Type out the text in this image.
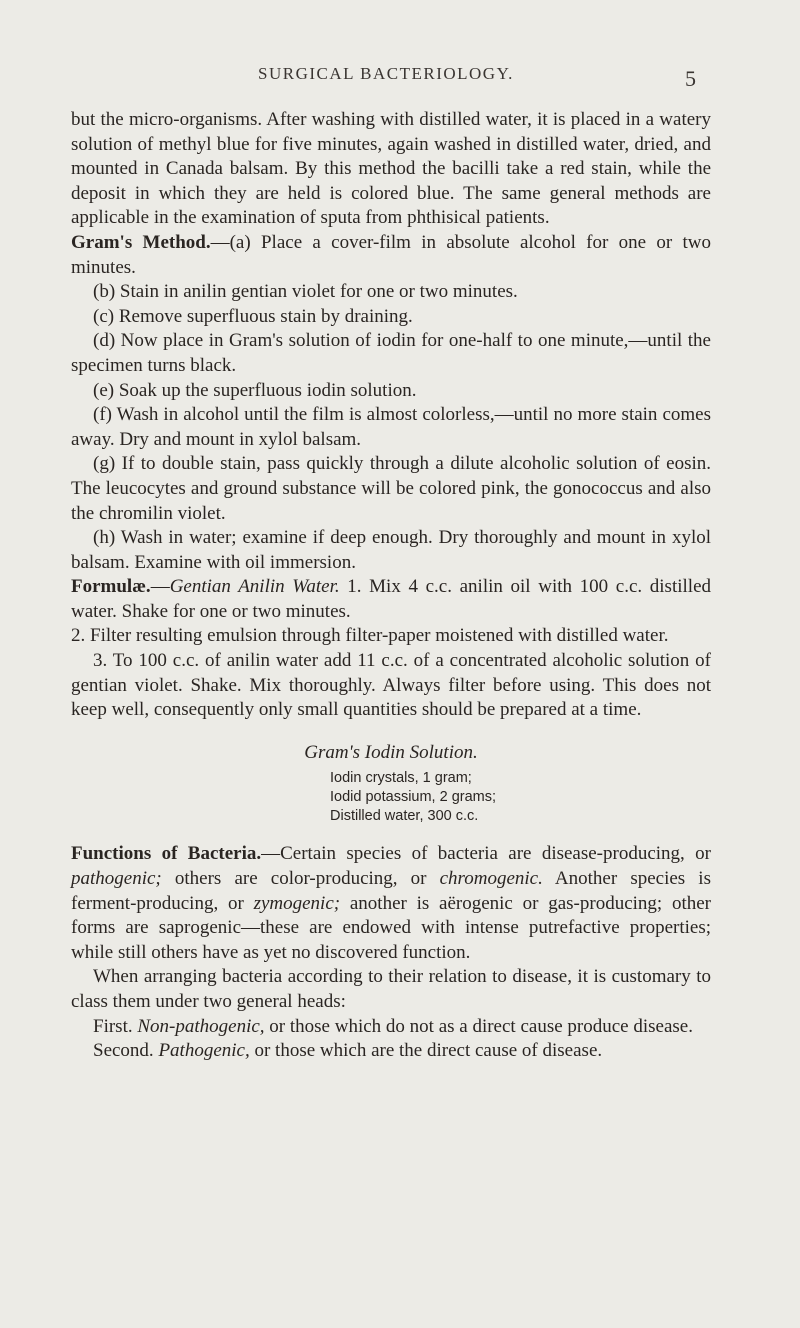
SURGICAL BACTERIOLOGY.	5

but the micro-organisms. After washing with distilled water, it is placed in a watery solution of methyl blue for five minutes, again washed in distilled water, dried, and mounted in Canada balsam. By this method the bacilli take a red stain, while the deposit in which they are held is colored blue. The same general methods are applicable in the examination of sputa from phthisical patients.

Gram's Method.—(a) Place a cover-film in absolute alcohol for one or two minutes.

(b) Stain in anilin gentian violet for one or two minutes.

(c) Remove superfluous stain by draining.

(d) Now place in Gram's solution of iodin for one-half to one minute,—until the specimen turns black.

(e) Soak up the superfluous iodin solution.

(f) Wash in alcohol until the film is almost colorless,—until no more stain comes away. Dry and mount in xylol balsam.

(g) If to double stain, pass quickly through a dilute alcoholic solution of eosin. The leucocytes and ground substance will be colored pink, the gonococcus and also the chromilin violet.

(h) Wash in water; examine if deep enough. Dry thoroughly and mount in xylol balsam. Examine with oil immersion.

Formulæ.—Gentian Anilin Water. 1. Mix 4 c.c. anilin oil with 100 c.c. distilled water. Shake for one or two minutes.

2. Filter resulting emulsion through filter-paper moistened with distilled water.

3. To 100 c.c. of anilin water add 11 c.c. of a concentrated alcoholic solution of gentian violet. Shake. Mix thoroughly. Always filter before using. This does not keep well, consequently only small quantities should be prepared at a time.

Gram's Iodin Solution.
Iodin crystals, 1 gram;
Iodid potassium, 2 grams;
Distilled water, 300 c.c.

Functions of Bacteria.—Certain species of bacteria are disease-producing, or pathogenic; others are color-producing, or chromogenic. Another species is ferment-producing, or zymogenic; another is aërogenic or gas-producing; other forms are saprogenic—these are endowed with intense putrefactive properties; while still others have as yet no discovered function.

When arranging bacteria according to their relation to disease, it is customary to class them under two general heads:

First. Non-pathogenic, or those which do not as a direct cause produce disease.

Second. Pathogenic, or those which are the direct cause of disease.
